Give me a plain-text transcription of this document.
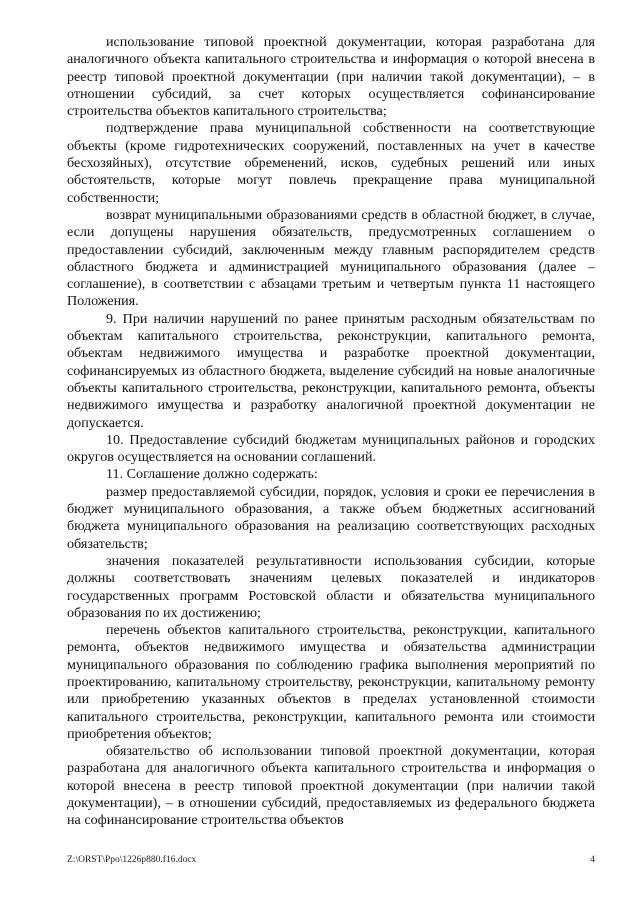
использование типовой проектной документации, которая разработана для аналогичного объекта капитального строительства и информация о которой внесена в реестр типовой проектной документации (при наличии такой документации), – в отношении субсидий, за счет которых осуществляется софинансирование строительства объектов капитального строительства;

подтверждение права муниципальной собственности на соответствующие объекты (кроме гидротехнических сооружений, поставленных на учет в качестве бесхозяйных), отсутствие обременений, исков, судебных решений или иных обстоятельств, которые могут повлечь прекращение права муниципальной собственности;

возврат муниципальными образованиями средств в областной бюджет, в случае, если допущены нарушения обязательств, предусмотренных соглашением о предоставлении субсидий, заключенным между главным распорядителем средств областного бюджета и администрацией муниципального образования (далее – соглашение), в соответствии с абзацами третьим и четвертым пункта 11 настоящего Положения.

9. При наличии нарушений по ранее принятым расходным обязательствам по объектам капитального строительства, реконструкции, капитального ремонта, объектам недвижимого имущества и разработке проектной документации, софинансируемых из областного бюджета, выделение субсидий на новые аналогичные объекты капитального строительства, реконструкции, капитального ремонта, объекты недвижимого имущества и разработку аналогичной проектной документации не допускается.

10. Предоставление субсидий бюджетам муниципальных районов и городских округов осуществляется на основании соглашений.

11. Соглашение должно содержать:

размер предоставляемой субсидии, порядок, условия и сроки ее перечисления в бюджет муниципального образования, а также объем бюджетных ассигнований бюджета муниципального образования на реализацию соответствующих расходных обязательств;

значения показателей результативности использования субсидии, которые должны соответствовать значениям целевых показателей и индикаторов государственных программ Ростовской области и обязательства муниципального образования по их достижению;

перечень объектов капитального строительства, реконструкции, капитального ремонта, объектов недвижимого имущества и обязательства администрации муниципального образования по соблюдению графика выполнения мероприятий по проектированию, капитальному строительству, реконструкции, капитальному ремонту или приобретению указанных объектов в пределах установленной стоимости капитального строительства, реконструкции, капитального ремонта или стоимости приобретения объектов;

обязательство об использовании типовой проектной документации, которая разработана для аналогичного объекта капитального строительства и информация о которой внесена в реестр типовой проектной документации (при наличии такой документации), – в отношении субсидий, предоставляемых из федерального бюджета на софинансирование строительства объектов

Z:\ORST\Ppo\1226p880.f16.docx	4
